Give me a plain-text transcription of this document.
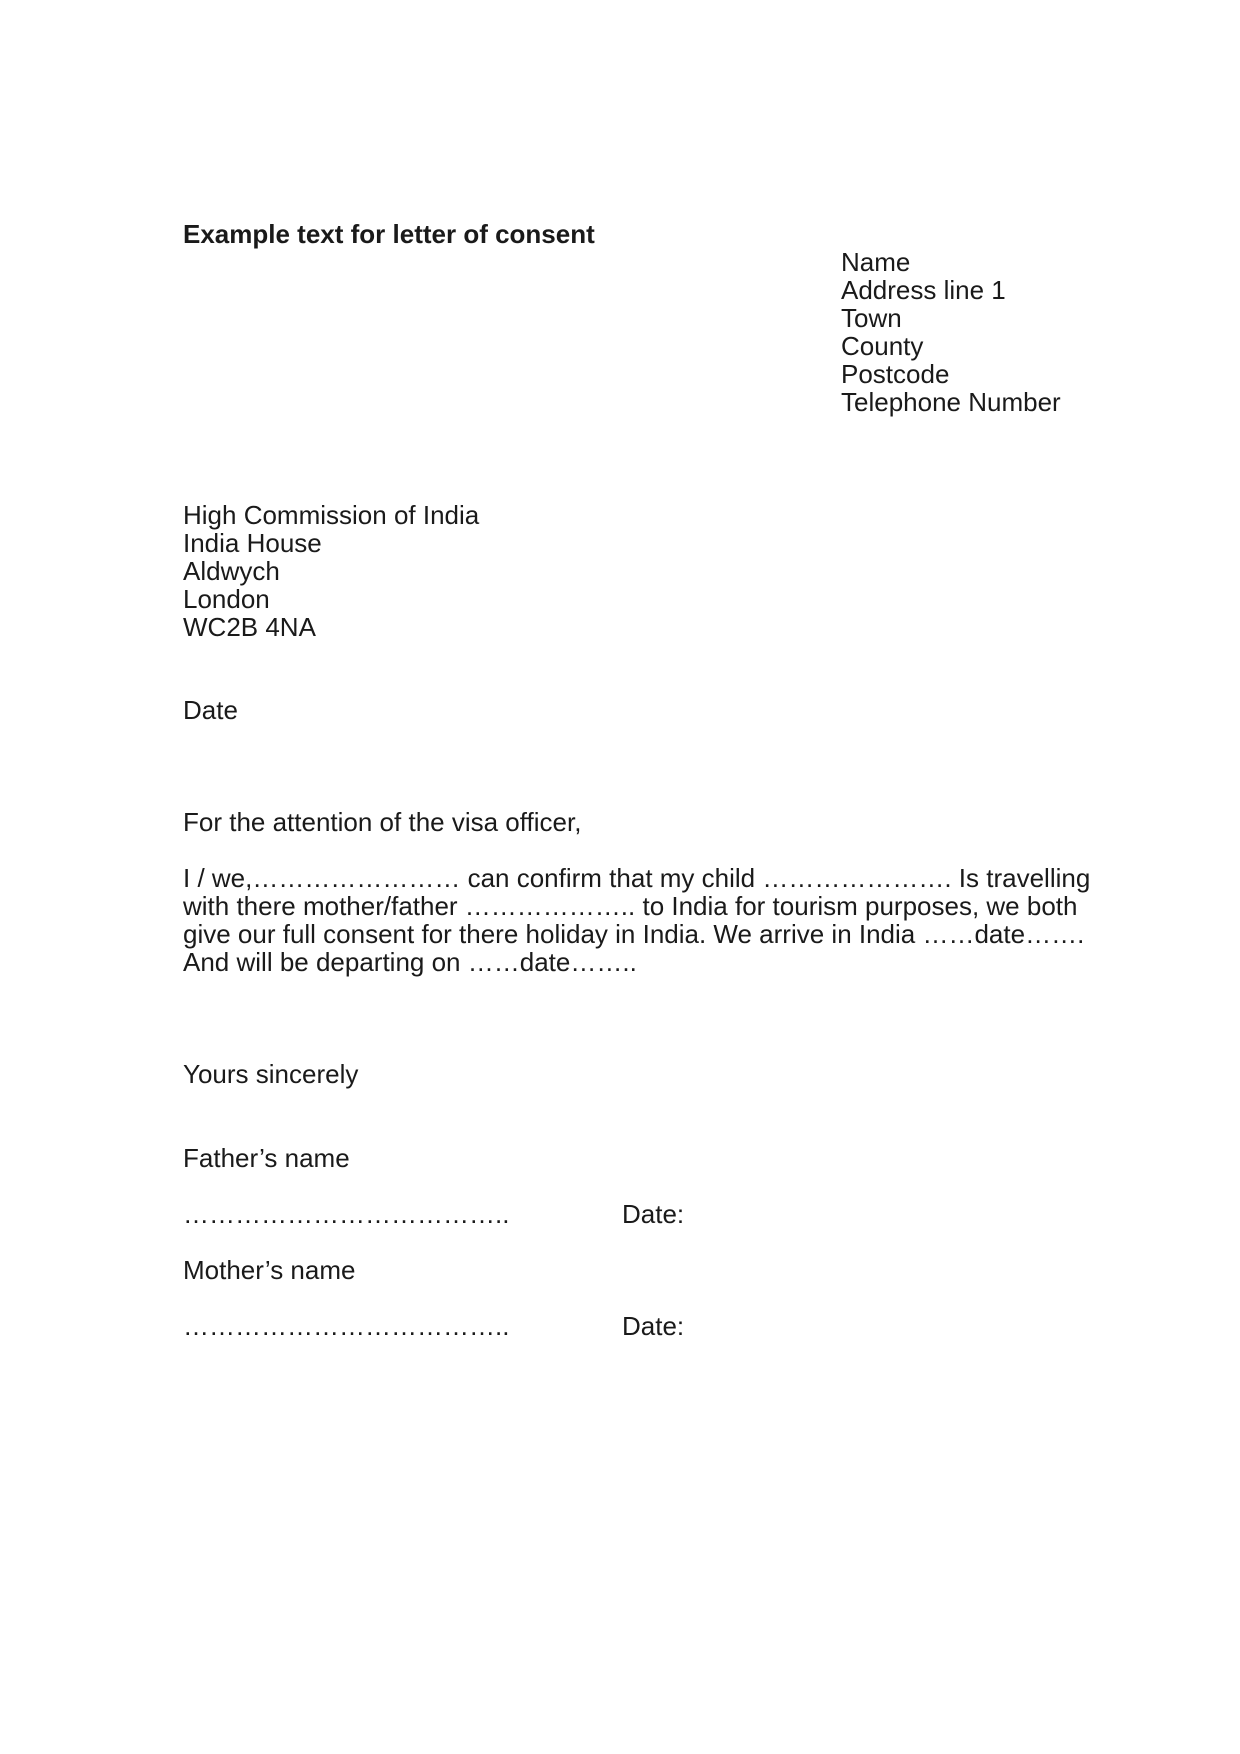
Example text for letter of consent
Name
Address line 1
Town
County
Postcode
Telephone Number
High Commission of India
India House
Aldwych
London
WC2B 4NA
Date
For the attention of the visa officer,
I / we,…………………… can confirm that my child …………………. Is travelling
with there mother/father ……………….. to India for tourism purposes, we both
give our full consent for there holiday in India. We arrive in India ……date…….
And will be departing on ……date……..
Yours sincerely
Father’s name
………………………………..	Date:
Mother’s name
………………………………..	Date:
